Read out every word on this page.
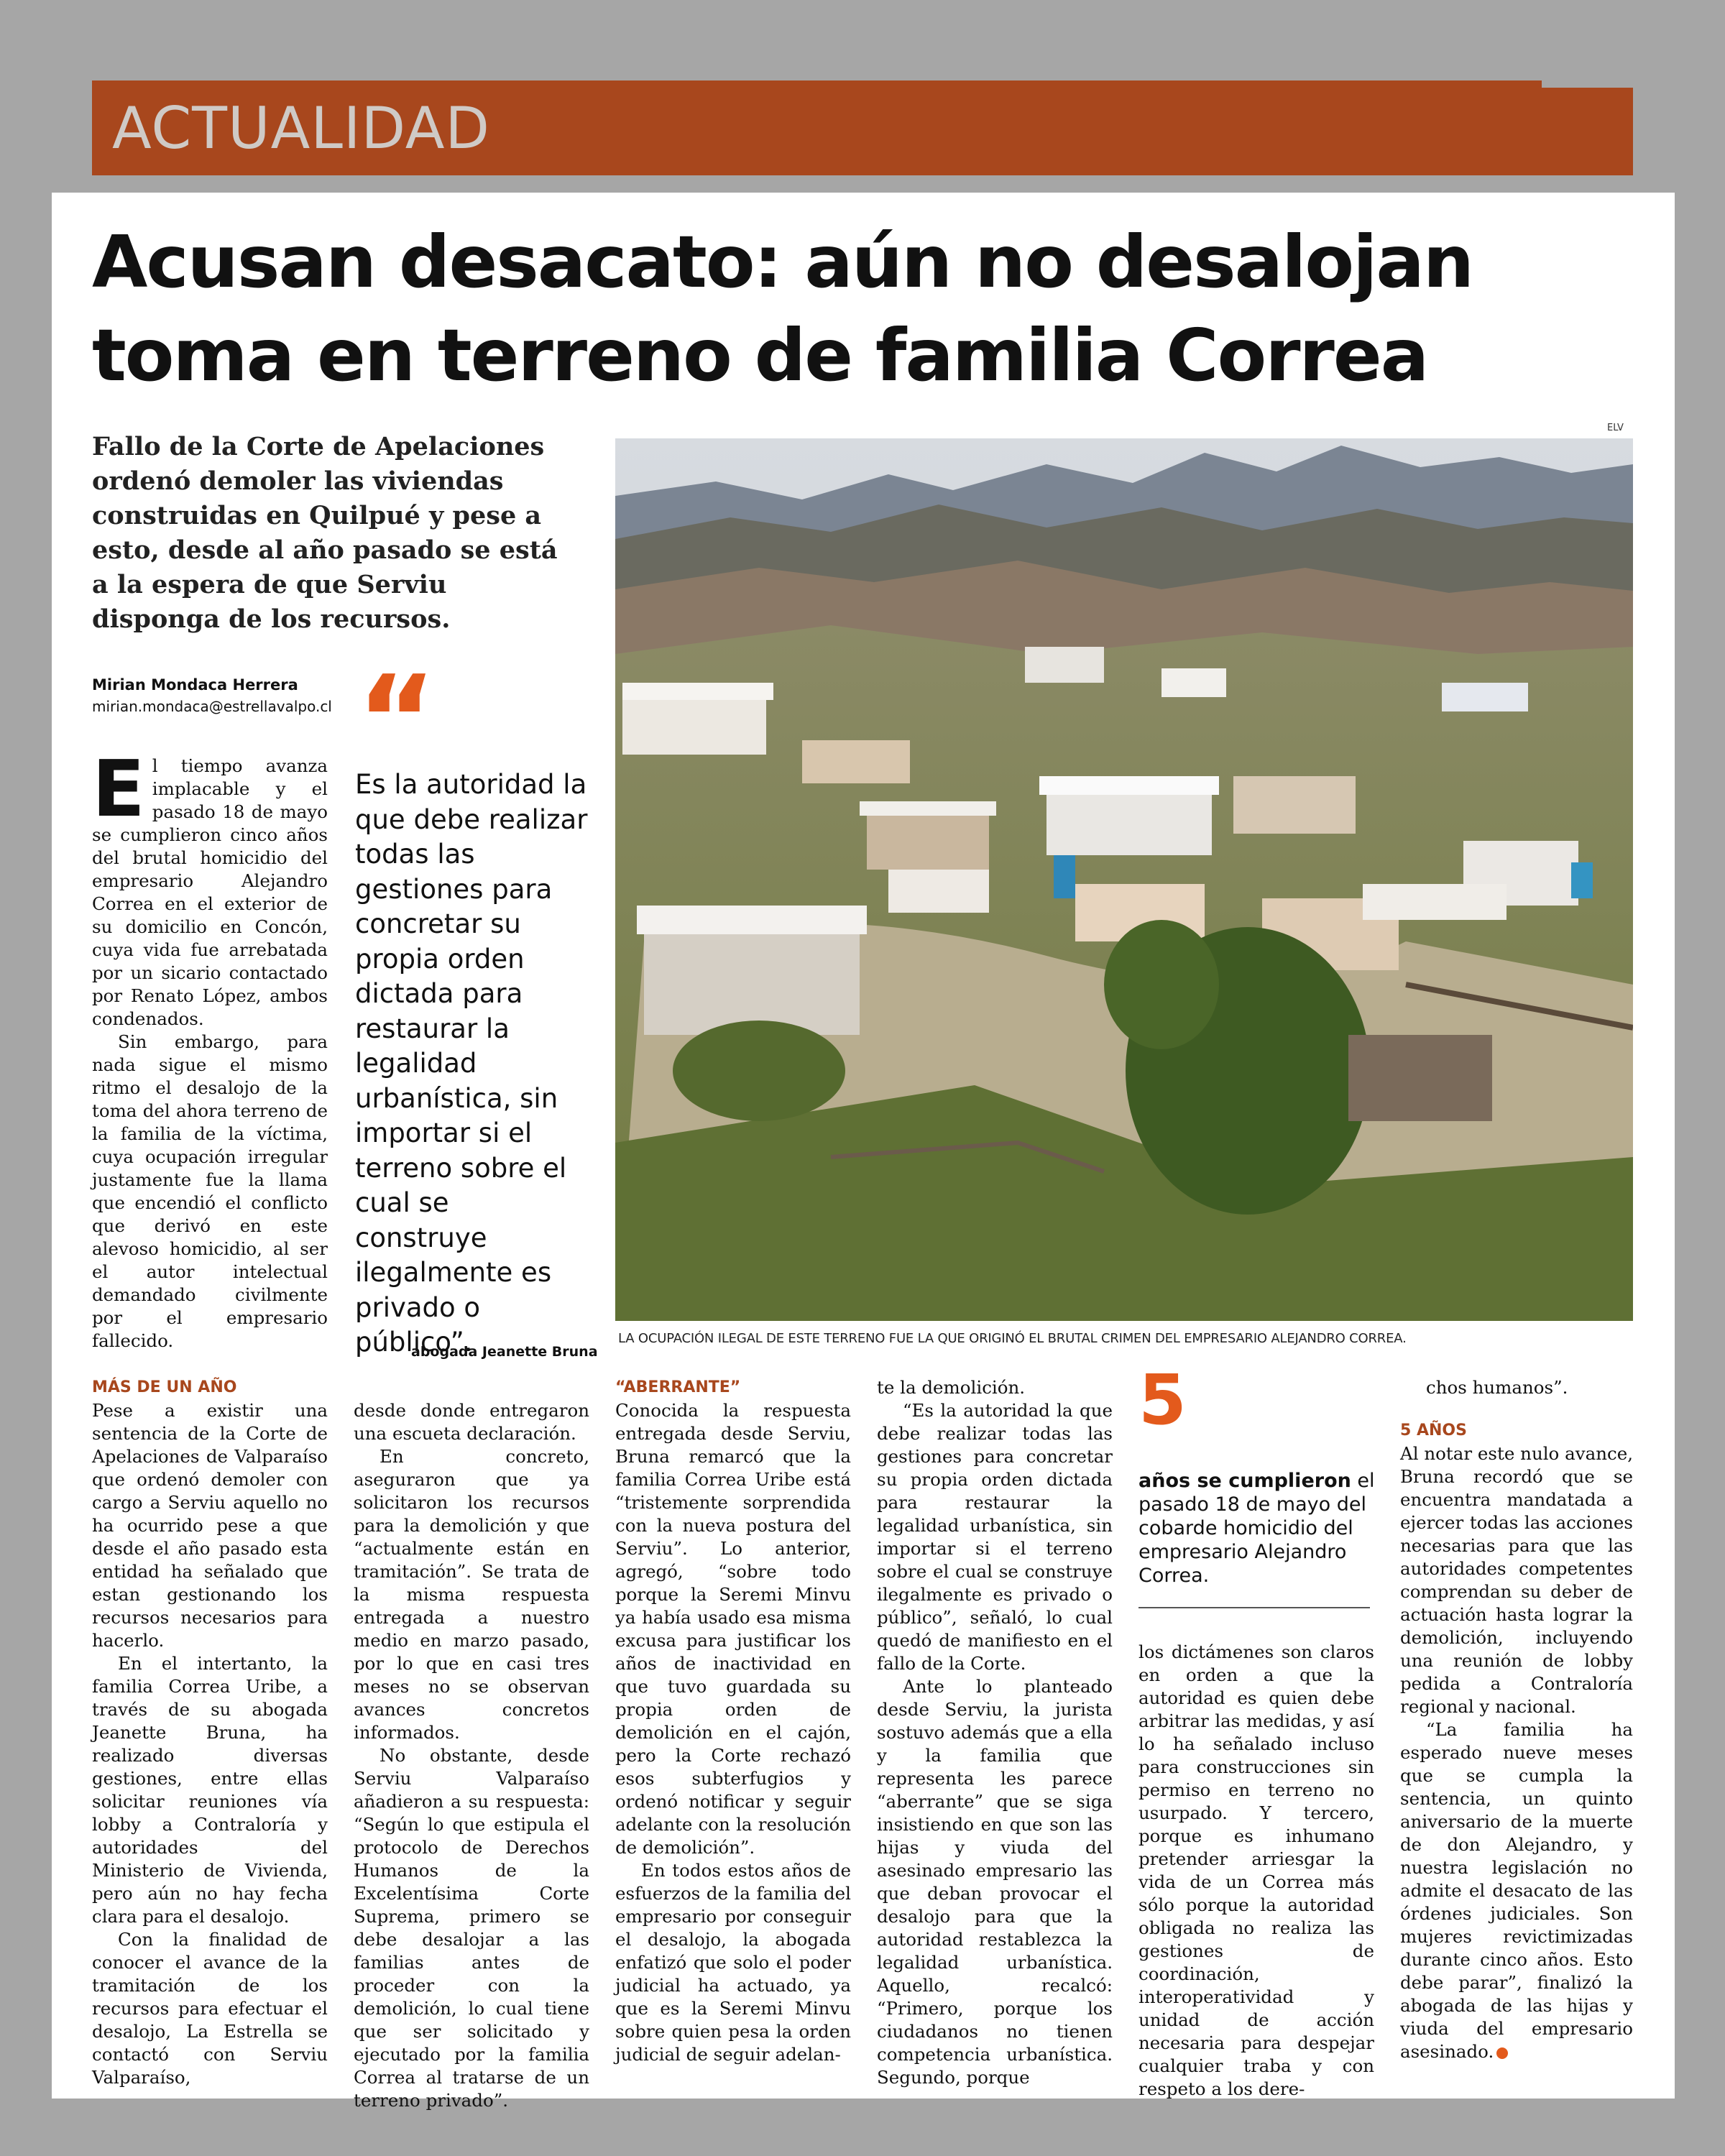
ACTUALIDAD
Acusan desacato: aún no desalojan
toma en terreno de familia Correa

Fallo de la Corte de Apelaciones ordenó demoler las viviendas construidas en Quilpué y pese a esto, desde al año pasado se está a la espera de que Serviu disponga de los recursos.

Mirian Mondaca Herrera
mirian.mondaca@estrellavalpo.cl

El tiempo avanza implacable y el pasado 18 de mayo se cumplieron cinco años del brutal homicidio del empresario Alejandro Correa en el exterior de su domicilio en Concón, cuya vida fue arrebatada por un sicario contactado por Renato López, ambos condenados.

Sin embargo, para nada sigue el mismo ritmo el desalojo de la toma del ahora terreno de la familia de la víctima, cuya ocupación irregular justamente fue la llama que encendió el conflicto que derivó en este alevoso homicidio, al ser el autor intelectual demandado civilmente por el empresario fallecido.

“

Es la autoridad la que debe realizar todas las gestiones para concretar su propia orden dictada para restaurar la legalidad urbanística, sin importar si el terreno sobre el cual se construye ilegalmente es privado o público”.

abogada Jeanette Bruna
ELV
LA OCUPACIÓN ILEGAL DE ESTE TERRENO FUE LA QUE ORIGINÓ EL BRUTAL CRIMEN DEL EMPRESARIO ALEJANDRO CORREA.
MÁS DE UN AÑO

Pese a existir una sentencia de la Corte de Apelaciones de Valparaíso que ordenó demoler con cargo a Serviu aquello no ha ocurrido pese a que desde el año pasado esta entidad ha señalado que estan gestionando los recursos necesarios para hacerlo.

En el intertanto, la familia Correa Uribe, a través de su abogada Jeanette Bruna, ha realizado diversas gestiones, entre ellas solicitar reuniones vía lobby a Contraloría y autoridades del Ministerio de Vivienda, pero aún no hay fecha clara para el desalojo.

Con la finalidad de conocer el avance de la tramitación de los recursos para efectuar el desalojo, La Estrella se contactó con Serviu Valparaíso,

desde donde entregaron una escueta declaración.

En concreto, aseguraron que ya solicitaron los recursos para la demolición y que “actualmente están en tramitación”. Se trata de la misma respuesta entregada a nuestro medio en marzo pasado, por lo que en casi tres meses no se observan avances concretos informados.

No obstante, desde Serviu Valparaíso añadieron a su respuesta: “Según lo que estipula el protocolo de Derechos Humanos de la Excelentísima Corte Suprema, primero se debe desalojar a las familias antes de proceder con la demolición, lo cual tiene que ser solicitado y ejecutado por la familia Correa al tratarse de un terreno privado”.

“ABERRANTE”

Conocida la respuesta entregada desde Serviu, Bruna remarcó que la familia Correa Uribe está “tristemente sorprendida con la nueva postura del Serviu”. Lo anterior, agregó, “sobre todo porque la Seremi Minvu ya había usado esa misma excusa para justificar los años de inactividad en que tuvo guardada su propia orden de demolición en el cajón, pero la Corte rechazó esos subterfugios y ordenó notificar y seguir adelante con la resolución de demolición”.

En todos estos años de esfuerzos de la familia del empresario por conseguir el desalojo, la abogada enfatizó que solo el poder judicial ha actuado, ya que es la Seremi Minvu sobre quien pesa la orden judicial de seguir adelan-

te la demolición.

“Es la autoridad la que debe realizar todas las gestiones para concretar su propia orden dictada para restaurar la legalidad urbanística, sin importar si el terreno sobre el cual se construye ilegalmente es privado o público”, señaló, lo cual quedó de manifiesto en el fallo de la Corte.

Ante lo planteado desde Serviu, la jurista sostuvo además que a ella y la familia que representa les parece “aberrante” que se siga insistiendo en que son las hijas y viuda del asesinado empresario las que deban provocar el desalojo para que la autoridad restablezca la legalidad urbanística. Aquello, recalcó: “Primero, porque los ciudadanos no tienen competencia urbanística. Segundo, porque

5

años se cumplieron el pasado 18 de mayo del cobarde homicidio del empresario Alejandro Correa.

los dictámenes son claros en orden a que la autoridad es quien debe arbitrar las medidas, y así lo ha señalado incluso para construcciones sin permiso en terreno no usurpado. Y tercero, porque es inhumano pretender arriesgar la vida de un Correa más sólo porque la autoridad obligada no realiza las gestiones de coordinación, interoperatividad y unidad de acción necesaria para despejar cualquier traba y con respeto a los dere-

chos humanos”.

5 AÑOS

Al notar este nulo avance, Bruna recordó que se encuentra mandatada a ejercer todas las acciones necesarias para que las autoridades competentes comprendan su deber de actuación hasta lograr la demolición, incluyendo una reunión de lobby pedida a Contraloría regional y nacional.

“La familia ha esperado nueve meses que se cumpla la sentencia, un quinto aniversario de la muerte de don Alejandro, y nuestra legislación no admite el desacato de las órdenes judiciales. Son mujeres revictimizadas durante cinco años. Esto debe parar”, finalizó la abogada de las hijas y viuda del empresario asesinado.
